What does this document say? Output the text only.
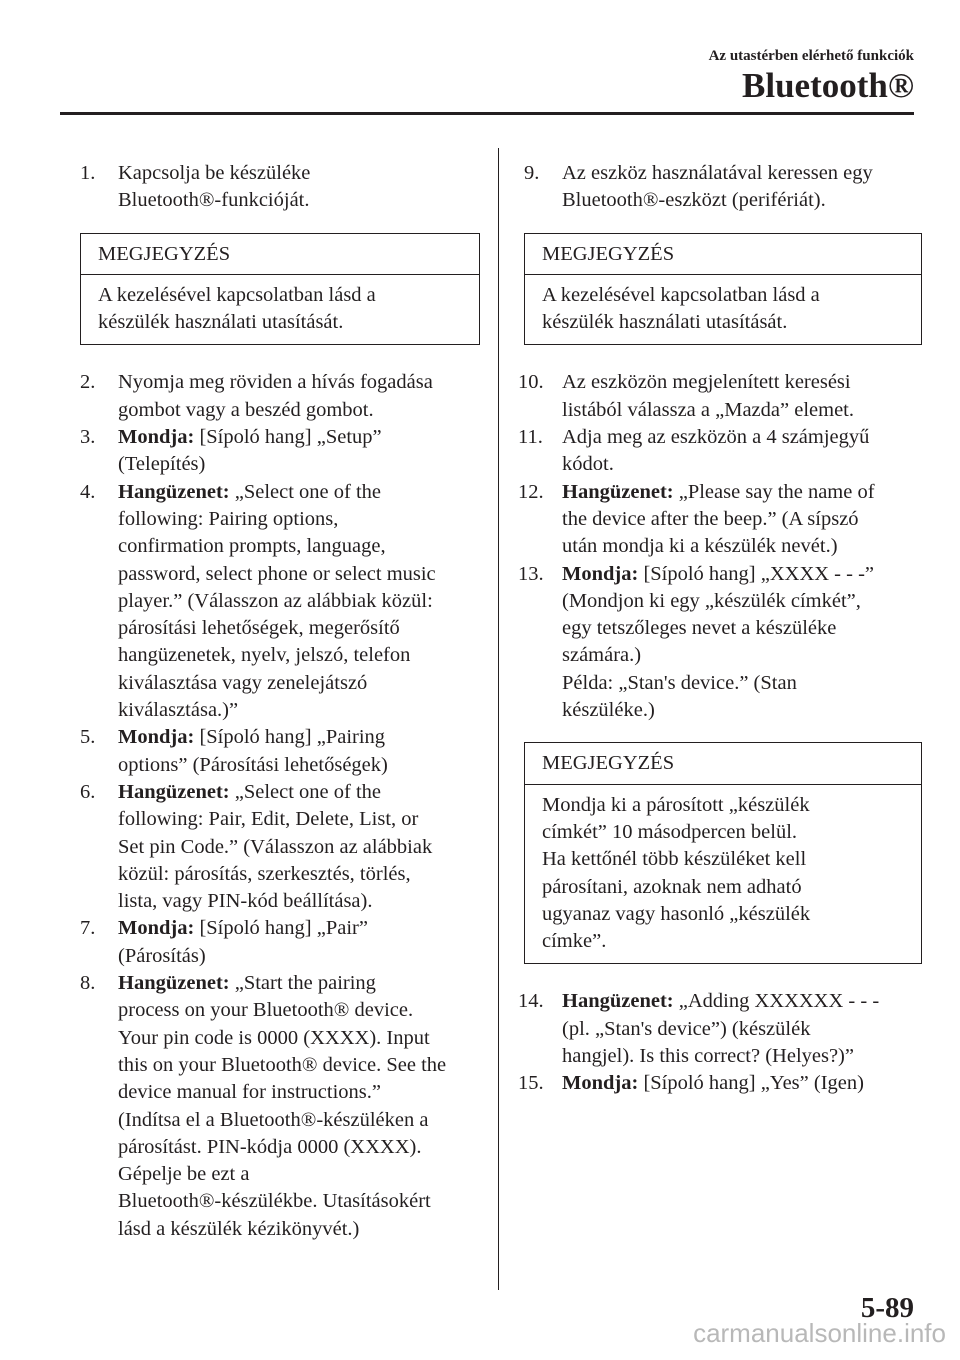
Az utastérben elérhető funkciók
Bluetooth®
1. Kapcsolja be készüléke
Bluetooth®-funkcióját.
MEGJEGYZÉS
A kezelésével kapcsolatban lásd a
készülék használati utasítását.
2. Nyomja meg röviden a hívás fogadása
gombot vagy a beszéd gombot.
3. Mondja: [Sípoló hang] „Setup”
(Telepítés)
4. Hangüzenet: „Select one of the
following: Pairing options,
confirmation prompts, language,
password, select phone or select music
player.” (Válasszon az alábbiak közül:
párosítási lehetőségek, megerősítő
hangüzenetek, nyelv, jelszó, telefon
kiválasztása vagy zenelejátszó
kiválasztása.)”
5. Mondja: [Sípoló hang] „Pairing
options” (Párosítási lehetőségek)
6. Hangüzenet: „Select one of the
following: Pair, Edit, Delete, List, or
Set pin Code.” (Válasszon az alábbiak
közül: párosítás, szerkesztés, törlés,
lista, vagy PIN-kód beállítása).
7. Mondja: [Sípoló hang] „Pair”
(Párosítás)
8. Hangüzenet: „Start the pairing
process on your Bluetooth® device.
Your pin code is 0000 (XXXX). Input
this on your Bluetooth® device. See the
device manual for instructions.”
(Indítsa el a Bluetooth®-készüléken a
párosítást. PIN-kódja 0000 (XXXX).
Gépelje be ezt a
Bluetooth®-készülékbe. Utasításokért
lásd a készülék kézikönyvét.)
9. Az eszköz használatával keressen egy
Bluetooth®-eszközt (perifériát).
MEGJEGYZÉS
A kezelésével kapcsolatban lásd a
készülék használati utasítását.
10. Az eszközön megjelenített keresési
listából válassza a „Mazda” elemet.
11. Adja meg az eszközön a 4 számjegyű
kódot.
12. Hangüzenet: „Please say the name of
the device after the beep.” (A sípszó
után mondja ki a készülék nevét.)
13. Mondja: [Sípoló hang] „XXXX - - -”
(Mondjon ki egy „készülék címkét”,
egy tetszőleges nevet a készüléke
számára.)
Példa: „Stan's device.” (Stan
készüléke.)
MEGJEGYZÉS
Mondja ki a párosított „készülék
címkét” 10 másodpercen belül.
Ha kettőnél több készüléket kell
párosítani, azoknak nem adható
ugyanaz vagy hasonló „készülék
címke”.
14. Hangüzenet: „Adding XXXXXX - - -
(pl. „Stan's device”) (készülék
hangjel). Is this correct? (Helyes?)”
15. Mondja: [Sípoló hang] „Yes” (Igen)
5-89
carmanualsonline.info
